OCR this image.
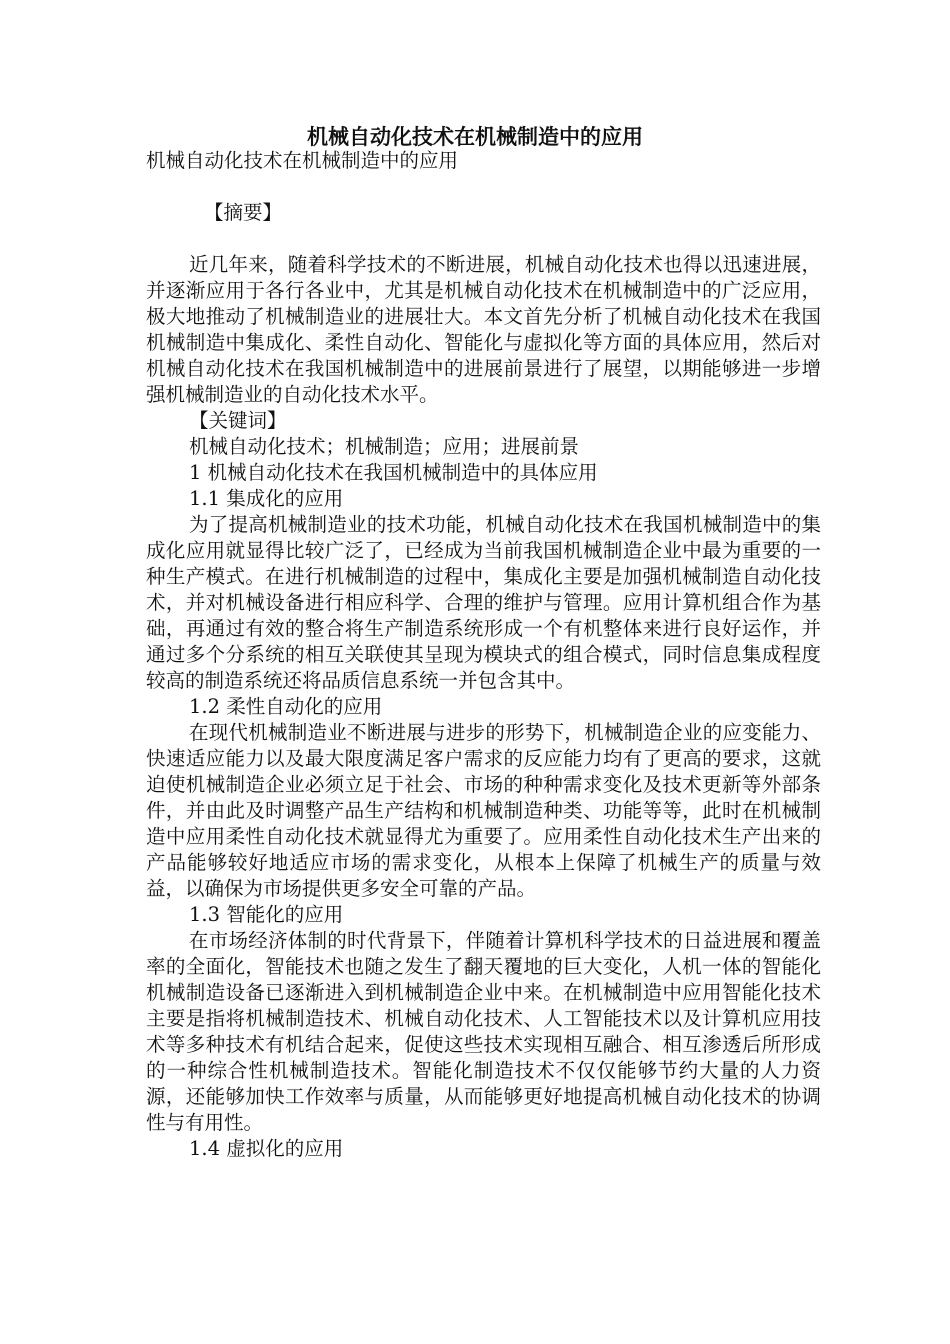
机械自动化技术在机械制造中的应用

机械自动化技术在机械制造中的应用

【摘要】

近几年来，随着科学技术的不断进展，机械自动化技术也得以迅速进展，并逐渐应用于各行各业中，尤其是机械自动化技术在机械制造中的广泛应用，极大地推动了机械制造业的进展壮大。本文首先分析了机械自动化技术在我国机械制造中集成化、柔性自动化、智能化与虚拟化等方面的具体应用，然后对机械自动化技术在我国机械制造中的进展前景进行了展望，以期能够进一步增强机械制造业的自动化技术水平。

【关键词】

机械自动化技术；机械制造；应用；进展前景

1 机械自动化技术在我国机械制造中的具体应用

1.1 集成化的应用

为了提高机械制造业的技术功能，机械自动化技术在我国机械制造中的集成化应用就显得比较广泛了，已经成为当前我国机械制造企业中最为重要的一种生产模式。在进行机械制造的过程中，集成化主要是加强机械制造自动化技术，并对机械设备进行相应科学、合理的维护与管理。应用计算机组合作为基础，再通过有效的整合将生产制造系统形成一个有机整体来进行良好运作，并通过多个分系统的相互关联使其呈现为模块式的组合模式，同时信息集成程度较高的制造系统还将品质信息系统一并包含其中。

1.2 柔性自动化的应用

在现代机械制造业不断进展与进步的形势下，机械制造企业的应变能力、快速适应能力以及最大限度满足客户需求的反应能力均有了更高的要求，这就迫使机械制造企业必须立足于社会、市场的种种需求变化及技术更新等外部条件，并由此及时调整产品生产结构和机械制造种类、功能等等，此时在机械制造中应用柔性自动化技术就显得尤为重要了。应用柔性自动化技术生产出来的产品能够较好地适应市场的需求变化，从根本上保障了机械生产的质量与效益，以确保为市场提供更多安全可靠的产品。

1.3 智能化的应用

在市场经济体制的时代背景下，伴随着计算机科学技术的日益进展和覆盖率的全面化，智能技术也随之发生了翻天覆地的巨大变化，人机一体的智能化机械制造设备已逐渐进入到机械制造企业中来。在机械制造中应用智能化技术主要是指将机械制造技术、机械自动化技术、人工智能技术以及计算机应用技术等多种技术有机结合起来，促使这些技术实现相互融合、相互渗透后所形成的一种综合性机械制造技术。智能化制造技术不仅仅能够节约大量的人力资源，还能够加快工作效率与质量，从而能够更好地提高机械自动化技术的协调性与有用性。

1.4 虚拟化的应用
